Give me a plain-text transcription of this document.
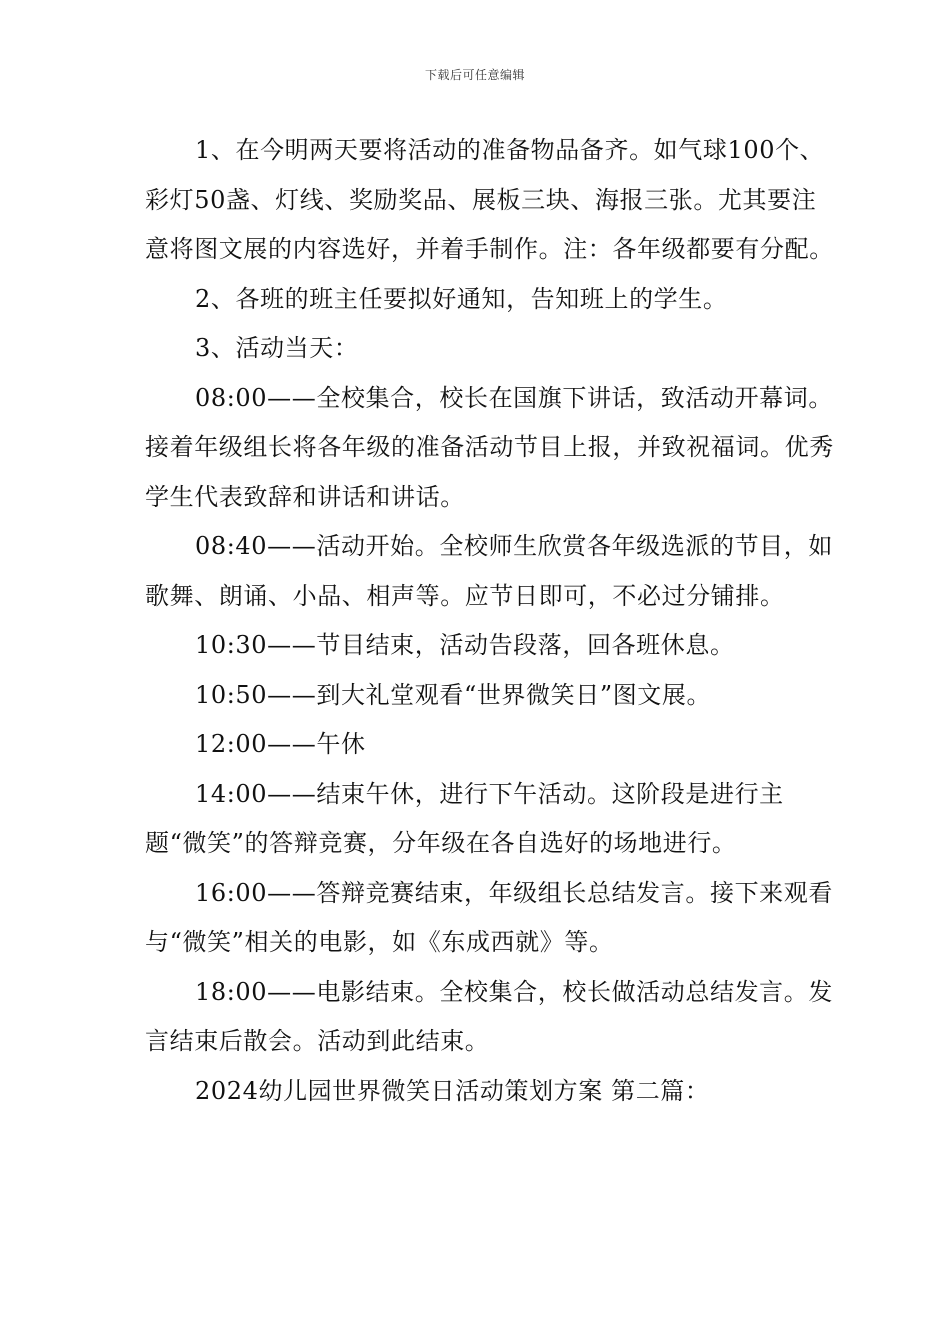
下载后可任意编辑

1、在今明两天要将活动的准备物品备齐。如气球100个、彩灯50盏、灯线、奖励奖品、展板三块、海报三张。尤其要注意将图文展的内容选好，并着手制作。注：各年级都要有分配。

2、各班的班主任要拟好通知，告知班上的学生。

3、活动当天：

08:00——全校集合，校长在国旗下讲话，致活动开幕词。接着年级组长将各年级的准备活动节目上报，并致祝福词。优秀学生代表致辞和讲话和讲话。

08:40——活动开始。全校师生欣赏各年级选派的节目，如歌舞、朗诵、小品、相声等。应节日即可，不必过分铺排。

10:30——节目结束，活动告段落，回各班休息。

10:50——到大礼堂观看“世界微笑日”图文展。

12:00——午休

14:00——结束午休，进行下午活动。这阶段是进行主题“微笑”的答辩竞赛，分年级在各自选好的场地进行。

16:00——答辩竞赛结束，年级组长总结发言。接下来观看与“微笑”相关的电影，如《东成西就》等。

18:00——电影结束。全校集合，校长做活动总结发言。发言结束后散会。活动到此结束。

2024幼儿园世界微笑日活动策划方案 第二篇：
